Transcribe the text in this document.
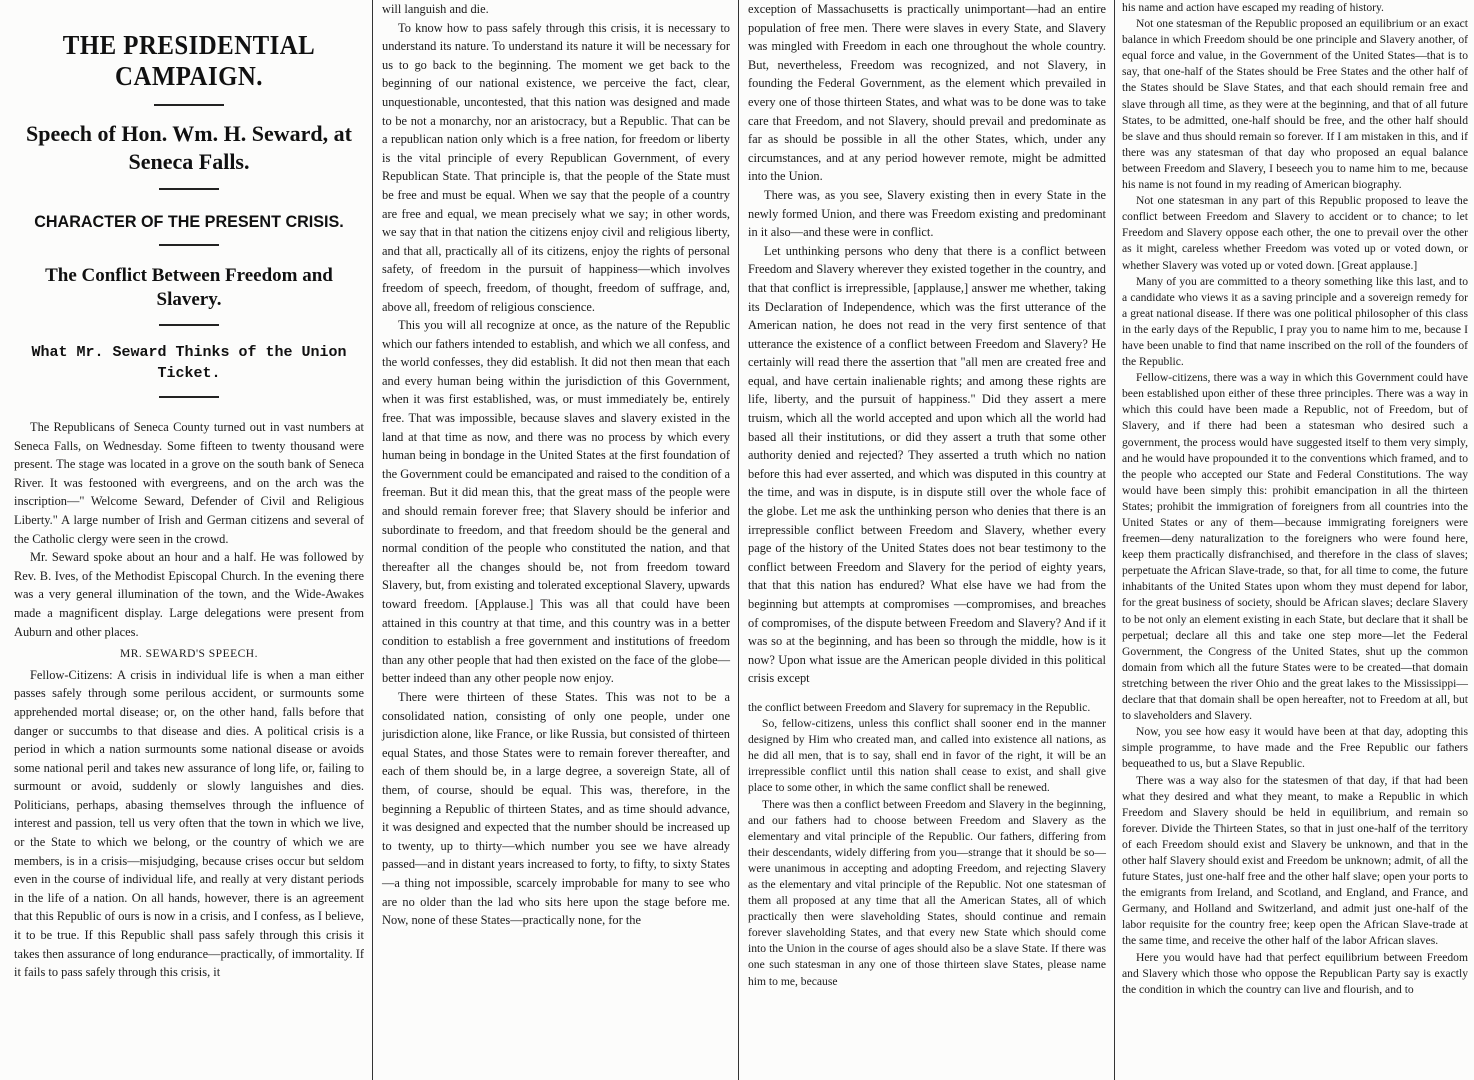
THE PRESIDENTIAL CAMPAIGN.
Speech of Hon. Wm. H. Seward, at Seneca Falls.
CHARACTER OF THE PRESENT CRISIS.
The Conflict Between Freedom and Slavery.
What Mr. Seward Thinks of the Union Ticket.

The Republicans of Seneca County turned out in vast numbers at Seneca Falls, on Wednesday. Some fifteen to twenty thousand were present. The stage was located in a grove on the south bank of Seneca River. It was festooned with evergreens, and on the arch was the inscription—" Welcome Seward, Defender of Civil and Religious Liberty." A large number of Irish and German citizens and several of the Catholic clergy were seen in the crowd.

Mr. Seward spoke about an hour and a half. He was followed by Rev. B. Ives, of the Methodist Episcopal Church. In the evening there was a very general illumination of the town, and the Wide-Awakes made a magnificent display. Large delegations were present from Auburn and other places.

MR. SEWARD'S SPEECH.

Fellow-Citizens: A crisis in individual life is when a man either passes safely through some perilous accident, or surmounts some apprehended mortal disease; or, on the other hand, falls before that danger or succumbs to that disease and dies. A political crisis is a period in which a nation surmounts some national disease or avoids some national peril and takes new assurance of long life, or, failing to surmount or avoid, suddenly or slowly languishes and dies. Politicians, perhaps, abasing themselves through the influence of interest and passion, tell us very often that the town in which we live, or the State to which we belong, or the country of which we are members, is in a crisis—misjudging, because crises occur but seldom even in the course of individual life, and really at very distant periods in the life of a nation. On all hands, however, there is an agreement that this Republic of ours is now in a crisis, and I confess, as I believe, it to be true. If this Republic shall pass safely through this crisis it takes then assurance of long endurance—practically, of immortality. If it fails to pass safely through this crisis, it

will languish and die.

To know how to pass safely through this crisis, it is necessary to understand its nature. To understand its nature it will be necessary for us to go back to the beginning. The moment we get back to the beginning of our national existence, we perceive the fact, clear, unquestionable, uncontested, that this nation was designed and made to be not a monarchy, nor an aristocracy, but a Republic. That can be a republican nation only which is a free nation, for freedom or liberty is the vital principle of every Republican Government, of every Republican State. That principle is, that the people of the State must be free and must be equal. When we say that the people of a country are free and equal, we mean precisely what we say; in other words, we say that in that nation the citizens enjoy civil and religious liberty, and that all, practically all of its citizens, enjoy the rights of personal safety, of freedom in the pursuit of happiness—which involves freedom of speech, freedom, of thought, freedom of suffrage, and, above all, freedom of religious conscience.

This you will all recognize at once, as the nature of the Republic which our fathers intended to establish, and which we all confess, and the world confesses, they did establish. It did not then mean that each and every human being within the jurisdiction of this Government, when it was first established, was, or must immediately be, entirely free. That was impossible, because slaves and slavery existed in the land at that time as now, and there was no process by which every human being in bondage in the United States at the first foundation of the Government could be emancipated and raised to the condition of a freeman. But it did mean this, that the great mass of the people were and should remain forever free; that Slavery should be inferior and subordinate to freedom, and that freedom should be the general and normal condition of the people who constituted the nation, and that thereafter all the changes should be, not from freedom toward Slavery, but, from existing and tolerated exceptional Slavery, upwards toward freedom. [Applause.] This was all that could have been attained in this country at that time, and this country was in a better condition to establish a free government and institutions of freedom than any other people that had then existed on the face of the globe—better indeed than any other people now enjoy.

There were thirteen of these States. This was not to be a consolidated nation, consisting of only one people, under one jurisdiction alone, like France, or like Russia, but consisted of thirteen equal States, and those States were to remain forever thereafter, and each of them should be, in a large degree, a sovereign State, all of them, of course, should be equal. This was, therefore, in the beginning a Republic of thirteen States, and as time should advance, it was designed and expected that the number should be increased up to twenty, up to thirty—which number you see we have already passed—and in distant years increased to forty, to fifty, to sixty States—a thing not impossible, scarcely improbable for many to see who are no older than the lad who sits here upon the stage before me. Now, none of these States—practically none, for the

exception of Massachusetts is practically unimportant—had an entire population of free men. There were slaves in every State, and Slavery was mingled with Freedom in each one throughout the whole country. But, nevertheless, Freedom was recognized, and not Slavery, in founding the Federal Government, as the element which prevailed in every one of those thirteen States, and what was to be done was to take care that Freedom, and not Slavery, should prevail and predominate as far as should be possible in all the other States, which, under any circumstances, and at any period however remote, might be admitted into the Union.

There was, as you see, Slavery existing then in every State in the newly formed Union, and there was Freedom existing and predominant in it also—and these were in conflict.

Let unthinking persons who deny that there is a conflict between Freedom and Slavery wherever they existed together in the country, and that that conflict is irrepressible, [applause,] answer me whether, taking its Declaration of Independence, which was the first utterance of the American nation, he does not read in the very first sentence of that utterance the existence of a conflict between Freedom and Slavery? He certainly will read there the assertion that "all men are created free and equal, and have certain inalienable rights; and among these rights are life, liberty, and the pursuit of happiness." Did they assert a mere truism, which all the world accepted and upon which all the world had based all their institutions, or did they assert a truth that some other authority denied and rejected? They asserted a truth which no nation before this had ever asserted, and which was disputed in this country at the time, and was in dispute, is in dispute still over the whole face of the globe. Let me ask the unthinking person who denies that there is an irrepressible conflict between Freedom and Slavery, whether every page of the history of the United States does not bear testimony to the conflict between Freedom and Slavery for the period of eighty years, that that this nation has endured? What else have we had from the beginning but attempts at compromises —compromises, and breaches of compromises, of the dispute between Freedom and Slavery? And if it was so at the beginning, and has been so through the middle, how is it now? Upon what issue are the American people divided in this political crisis except

the conflict between Freedom and Slavery for supremacy in the Republic.

So, fellow-citizens, unless this conflict shall sooner end in the manner designed by Him who created man, and called into existence all nations, as he did all men, that is to say, shall end in favor of the right, it will be an irrepressible conflict until this nation shall cease to exist, and shall give place to some other, in which the same conflict shall be renewed.

There was then a conflict between Freedom and Slavery in the beginning, and our fathers had to choose between Freedom and Slavery as the elementary and vital principle of the Republic. Our fathers, differing from their descendants, widely differing from you—strange that it should be so—were unanimous in accepting and adopting Freedom, and rejecting Slavery as the elementary and vital principle of the Republic. Not one statesman of them all proposed at any time that all the American States, all of which practically then were slaveholding States, should continue and remain forever slaveholding States, and that every new State which should come into the Union in the course of ages should also be a slave State. If there was one such statesman in any one of those thirteen slave States, please name him to me, because

his name and action have escaped my reading of history.

Not one statesman of the Republic proposed an equilibrium or an exact balance in which Freedom should be one principle and Slavery another, of equal force and value, in the Government of the United States—that is to say, that one-half of the States should be Free States and the other half of the States should be Slave States, and that each should remain free and slave through all time, as they were at the beginning, and that of all future States, to be admitted, one-half should be free, and the other half should be slave and thus should remain so forever. If I am mistaken in this, and if there was any statesman of that day who proposed an equal balance between Freedom and Slavery, I beseech you to name him to me, because his name is not found in my reading of American biography.

Not one statesman in any part of this Republic proposed to leave the conflict between Freedom and Slavery to accident or to chance; to let Freedom and Slavery oppose each other, the one to prevail over the other as it might, careless whether Freedom was voted up or voted down, or whether Slavery was voted up or voted down. [Great applause.]

Many of you are committed to a theory something like this last, and to a candidate who views it as a saving principle and a sovereign remedy for a great national disease. If there was one political philosopher of this class in the early days of the Republic, I pray you to name him to me, because I have been unable to find that name inscribed on the roll of the founders of the Republic.

Fellow-citizens, there was a way in which this Government could have been established upon either of these three principles. There was a way in which this could have been made a Republic, not of Freedom, but of Slavery, and if there had been a statesman who desired such a government, the process would have suggested itself to them very simply, and he would have propounded it to the conventions which framed, and to the people who accepted our State and Federal Constitutions. The way would have been simply this: prohibit emancipation in all the thirteen States; prohibit the immigration of foreigners from all countries into the United States or any of them—because immigrating foreigners were freemen—deny naturalization to the foreigners who were found here, keep them practically disfranchised, and therefore in the class of slaves; perpetuate the African Slave-trade, so that, for all time to come, the future inhabitants of the United States upon whom they must depend for labor, for the great business of society, should be African slaves; declare Slavery to be not only an element existing in each State, but declare that it shall be perpetual; declare all this and take one step more—let the Federal Government, the Congress of the United States, shut up the common domain from which all the future States were to be created—that domain stretching between the river Ohio and the great lakes to the Mississippi—declare that that domain shall be open hereafter, not to Freedom at all, but to slaveholders and Slavery.

Now, you see how easy it would have been at that day, adopting this simple programme, to have made and the Free Republic our fathers bequeathed to us, but a Slave Republic.

There was a way also for the statesmen of that day, if that had been what they desired and what they meant, to make a Republic in which Freedom and Slavery should be held in equilibrium, and remain so forever. Divide the Thirteen States, so that in just one-half of the territory of each Freedom should exist and Slavery be unknown, and that in the other half Slavery should exist and Freedom be unknown; admit, of all the future States, just one-half free and the other half slave; open your ports to the emigrants from Ireland, and Scotland, and England, and France, and Germany, and Holland and Switzerland, and admit just one-half of the labor requisite for the country free; keep open the African Slave-trade at the same time, and receive the other half of the labor African slaves.

Here you would have had that perfect equilibrium between Freedom and Slavery which those who oppose the Republican Party say is exactly the condition in which the country can live and flourish, and to
